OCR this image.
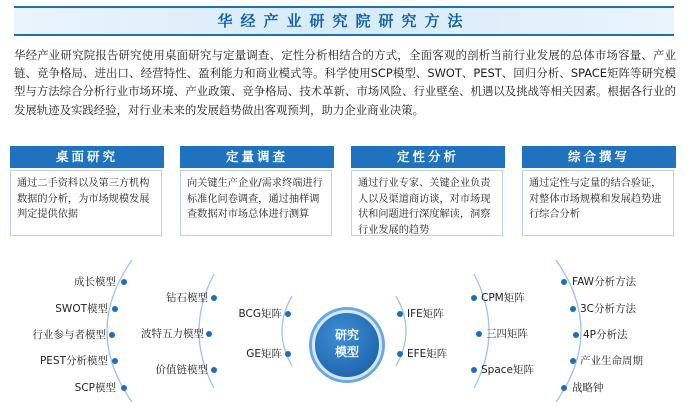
华经产业研究院研究方法
华经产业研究院报告研究使用桌面研究与定量调查、定性分析相结合的方式，全面客观的剖析当前行业发展的总体市场容量、产业链、竞争格局、进出口、经营特性、盈利能力和商业模式等。科学使用SCP模型、SWOT、PEST、回归分析、SPACE矩阵等研究模型与方法综合分析行业市场环境、产业政策、竞争格局、技术革新、市场风险、行业壁垒、机遇以及挑战等相关因素。根据各行业的发展轨迹及实践经验，对行业未来的发展趋势做出客观预判，助力企业商业决策。
桌面研究
通过二手资料以及第三方机构数据的分析，为市场规模发展判定提供依据
定量调查
向关键生产企业/需求终端进行标准化问卷调查，通过抽样调查数据对市场总体进行测算
定性分析
通过行业专家、关键企业负责人以及渠道商访谈，对市场现状和问题进行深度解读，洞察行业发展的趋势
综合撰写
通过定性与定量的结合验证，对整体市场规模和发展趋势进行综合分析
成长模型
SWOT模型
行业参与者模型
PEST分析模型
SCP模型
钻石模型
波特五力模型
价值链模型
BCG矩阵
GE矩阵
研究
模型
IFE矩阵
EFE矩阵
CPM矩阵
三四矩阵
Space矩阵
FAW分析方法
3C分析方法
4P分析法
产业生命周期
战略钟
